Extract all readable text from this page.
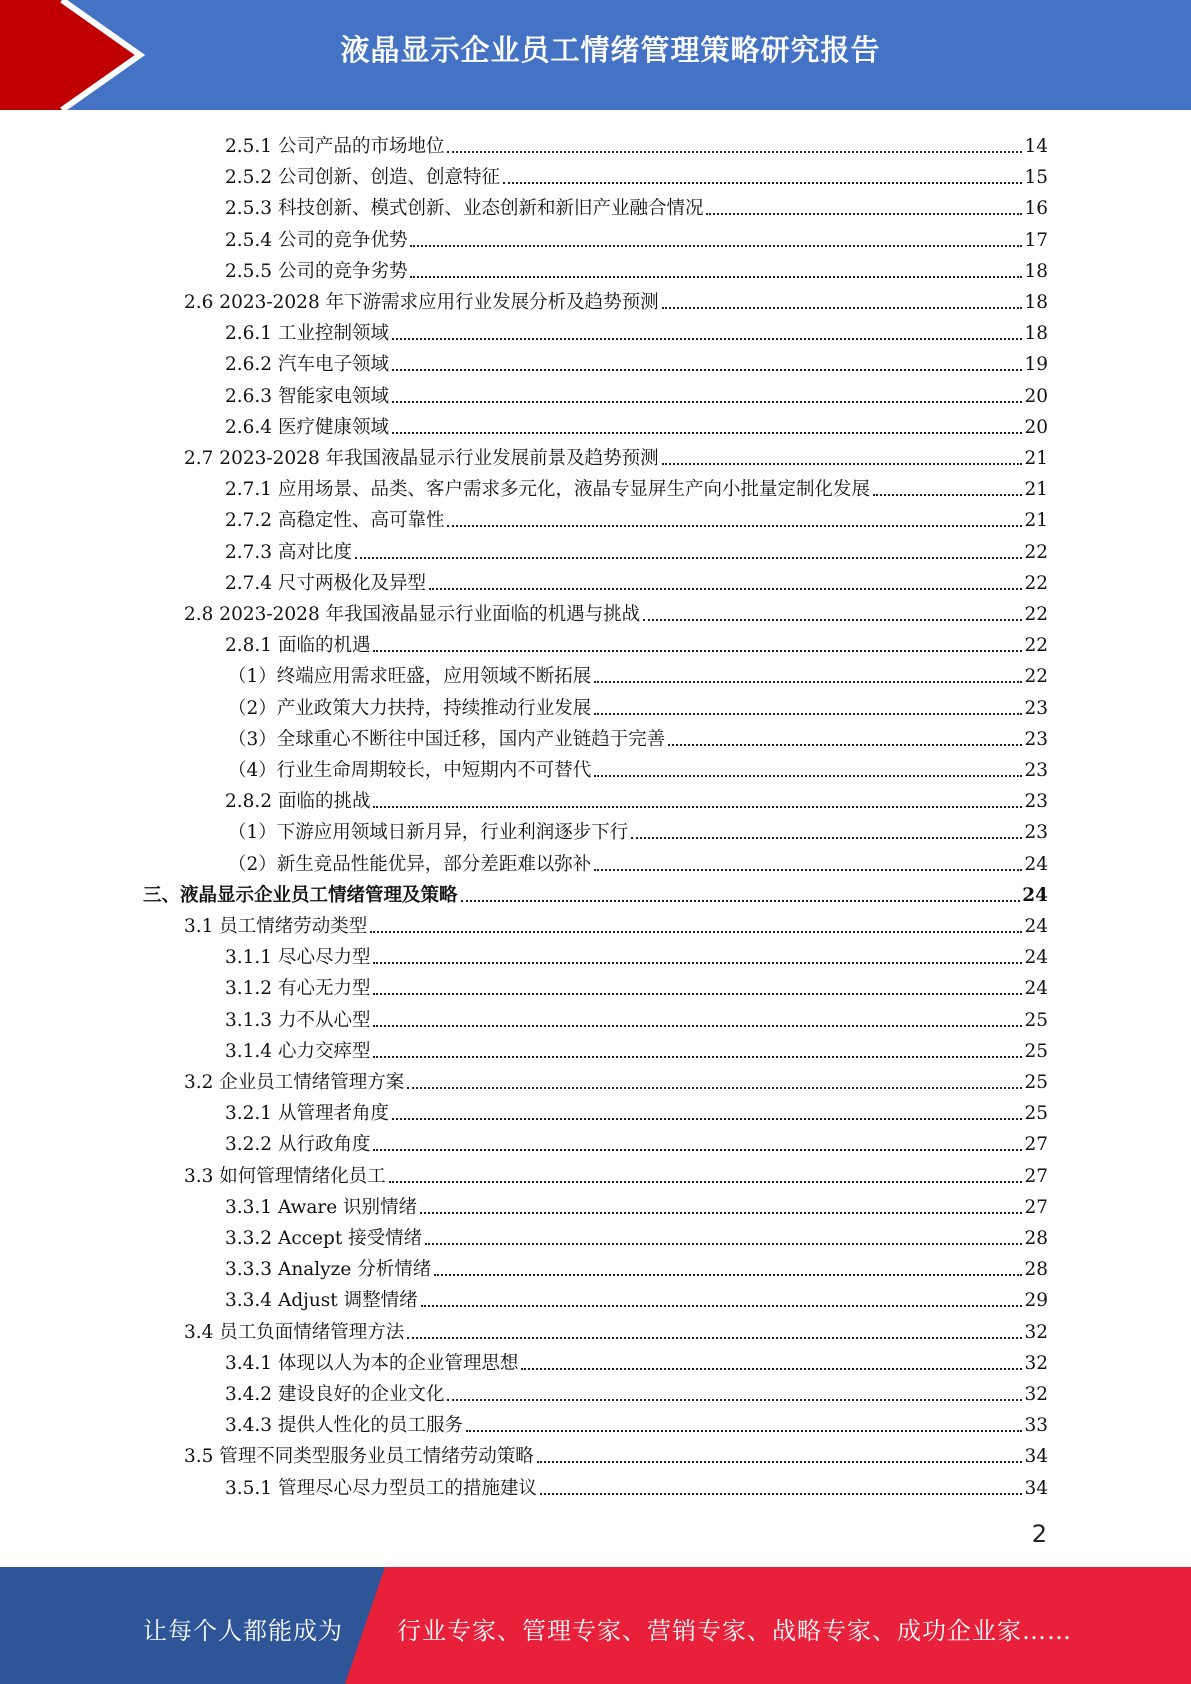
液晶显示企业员工情绪管理策略研究报告
2.5.1 公司产品的市场地位	14
2.5.2 公司创新、创造、创意特征	15
2.5.3 科技创新、模式创新、业态创新和新旧产业融合情况	16
2.5.4 公司的竞争优势	17
2.5.5 公司的竞争劣势	18
2.6 2023-2028 年下游需求应用行业发展分析及趋势预测	18
2.6.1 工业控制领域	18
2.6.2 汽车电子领域	19
2.6.3 智能家电领域	20
2.6.4 医疗健康领域	20
2.7 2023-2028 年我国液晶显示行业发展前景及趋势预测	21
2.7.1 应用场景、品类、客户需求多元化，液晶专显屏生产向小批量定制化发展	21
2.7.2 高稳定性、高可靠性	21
2.7.3 高对比度	22
2.7.4 尺寸两极化及异型	22
2.8 2023-2028 年我国液晶显示行业面临的机遇与挑战	22
2.8.1 面临的机遇	22
（1）终端应用需求旺盛，应用领域不断拓展	22
（2）产业政策大力扶持，持续推动行业发展	23
（3）全球重心不断往中国迁移，国内产业链趋于完善	23
（4）行业生命周期较长，中短期内不可替代	23
2.8.2 面临的挑战	23
（1）下游应用领域日新月异，行业利润逐步下行	23
（2）新生竞品性能优异，部分差距难以弥补	24
三、液晶显示企业员工情绪管理及策略	24
3.1 员工情绪劳动类型	24
3.1.1 尽心尽力型	24
3.1.2 有心无力型	24
3.1.3 力不从心型	25
3.1.4 心力交瘁型	25
3.2 企业员工情绪管理方案	25
3.2.1 从管理者角度	25
3.2.2 从行政角度	27
3.3 如何管理情绪化员工	27
3.3.1 Aware 识别情绪	27
3.3.2 Accept 接受情绪	28
3.3.3 Analyze 分析情绪	28
3.3.4 Adjust 调整情绪	29
3.4 员工负面情绪管理方法	32
3.4.1 体现以人为本的企业管理思想	32
3.4.2 建设良好的企业文化	32
3.4.3 提供人性化的员工服务	33
3.5 管理不同类型服务业员工情绪劳动策略	34
3.5.1 管理尽心尽力型员工的措施建议	34
2
让每个人都能成为 行业专家、管理专家、营销专家、战略专家、成功企业家……
